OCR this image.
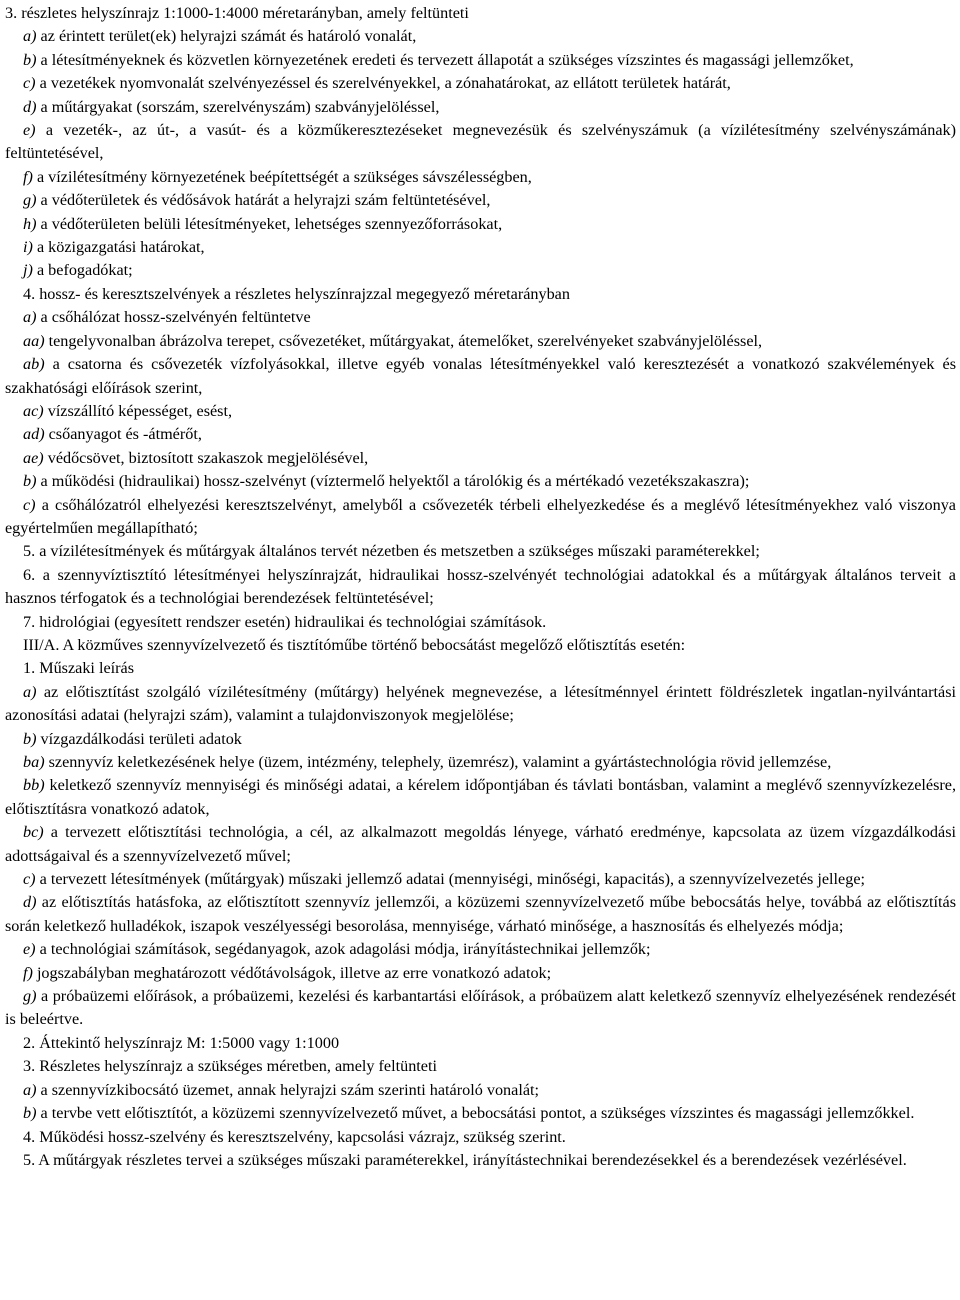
3. részletes helyszínrajz 1:1000-1:4000 méretarányban, amely feltünteti

a) az érintett terület(ek) helyrajzi számát és határoló vonalát,

b) a létesítményeknek és közvetlen környezetének eredeti és tervezett állapotát a szükséges vízszintes és magassági jellemzőket,

c) a vezetékek nyomvonalát szelvényezéssel és szerelvényekkel, a zónahatárokat, az ellátott területek határát,

d) a műtárgyakat (sorszám, szerelvényszám) szabványjelöléssel,

e) a vezeték-, az út-, a vasút- és a közműkeresztezéseket megnevezésük és szelvényszámuk (a vízilétesítmény szelvényszámának) feltüntetésével,

f) a vízilétesítmény környezetének beépítettségét a szükséges sávszélességben,

g) a védőterületek és védősávok határát a helyrajzi szám feltüntetésével,

h) a védőterületen belüli létesítményeket, lehetséges szennyezőforrásokat,

i) a közigazgatási határokat,

j) a befogadókat;

4. hossz- és keresztszelvények a részletes helyszínrajzzal megegyező méretarányban

a) a csőhálózat hossz-szelvényén feltüntetve

aa) tengelyvonalban ábrázolva terepet, csővezetéket, műtárgyakat, átemelőket, szerelvényeket szabványjelöléssel,

ab) a csatorna és csővezeték vízfolyásokkal, illetve egyéb vonalas létesítményekkel való keresztezését a vonatkozó szakvélemények és szakhatósági előírások szerint,

ac) vízszállító képességet, esést,

ad) csőanyagot és -átmérőt,

ae) védőcsövet, biztosított szakaszok megjelölésével,

b) a működési (hidraulikai) hossz-szelvényt (víztermelő helyektől a tárolókig és a mértékadó vezetékszakaszra);

c) a csőhálózatról elhelyezési keresztszelvényt, amelyből a csővezeték térbeli elhelyezkedése és a meglévő létesítményekhez való viszonya egyértelműen megállapítható;

5. a vízilétesítmények és műtárgyak általános tervét nézetben és metszetben a szükséges műszaki paraméterekkel;

6. a szennyvíztisztító létesítményei helyszínrajzát, hidraulikai hossz-szelvényét technológiai adatokkal és a műtárgyak általános terveit a hasznos térfogatok és a technológiai berendezések feltüntetésével;

7. hidrológiai (egyesített rendszer esetén) hidraulikai és technológiai számítások.

III/A. A közműves szennyvízelvezető és tisztítóműbe történő bebocsátást megelőző előtisztítás esetén:

1. Műszaki leírás

a) az előtisztítást szolgáló vízilétesítmény (műtárgy) helyének megnevezése, a létesítménnyel érintett földrészletek ingatlan-nyilvántartási azonosítási adatai (helyrajzi szám), valamint a tulajdonviszonyok megjelölése;

b) vízgazdálkodási területi adatok

ba) szennyvíz keletkezésének helye (üzem, intézmény, telephely, üzemrész), valamint a gyártástechnológia rövid jellemzése,

bb) keletkező szennyvíz mennyiségi és minőségi adatai, a kérelem időpontjában és távlati bontásban, valamint a meglévő szennyvízkezelésre, előtisztításra vonatkozó adatok,

bc) a tervezett előtisztítási technológia, a cél, az alkalmazott megoldás lényege, várható eredménye, kapcsolata az üzem vízgazdálkodási adottságaival és a szennyvízelvezető művel;

c) a tervezett létesítmények (műtárgyak) műszaki jellemző adatai (mennyiségi, minőségi, kapacitás), a szennyvízelvezetés jellege;

d) az előtisztítás hatásfoka, az előtisztított szennyvíz jellemzői, a közüzemi szennyvízelvezető műbe bebocsátás helye, továbbá az előtisztítás során keletkező hulladékok, iszapok veszélyességi besorolása, mennyisége, várható minősége, a hasznosítás és elhelyezés módja;

e) a technológiai számítások, segédanyagok, azok adagolási módja, irányítástechnikai jellemzők;

f) jogszabályban meghatározott védőtávolságok, illetve az erre vonatkozó adatok;

g) a próbaüzemi előírások, a próbaüzemi, kezelési és karbantartási előírások, a próbaüzem alatt keletkező szennyvíz elhelyezésének rendezését is beleértve.

2. Áttekintő helyszínrajz M: 1:5000 vagy 1:1000

3. Részletes helyszínrajz a szükséges méretben, amely feltünteti

a) a szennyvízkibocsátó üzemet, annak helyrajzi szám szerinti határoló vonalát;

b) a tervbe vett előtisztítót, a közüzemi szennyvízelvezető művet, a bebocsátási pontot, a szükséges vízszintes és magassági jellemzőkkel.

4. Működési hossz-szelvény és keresztszelvény, kapcsolási vázrajz, szükség szerint.

5. A műtárgyak részletes tervei a szükséges műszaki paraméterekkel, irányítástechnikai berendezésekkel és a berendezések vezérlésével.
